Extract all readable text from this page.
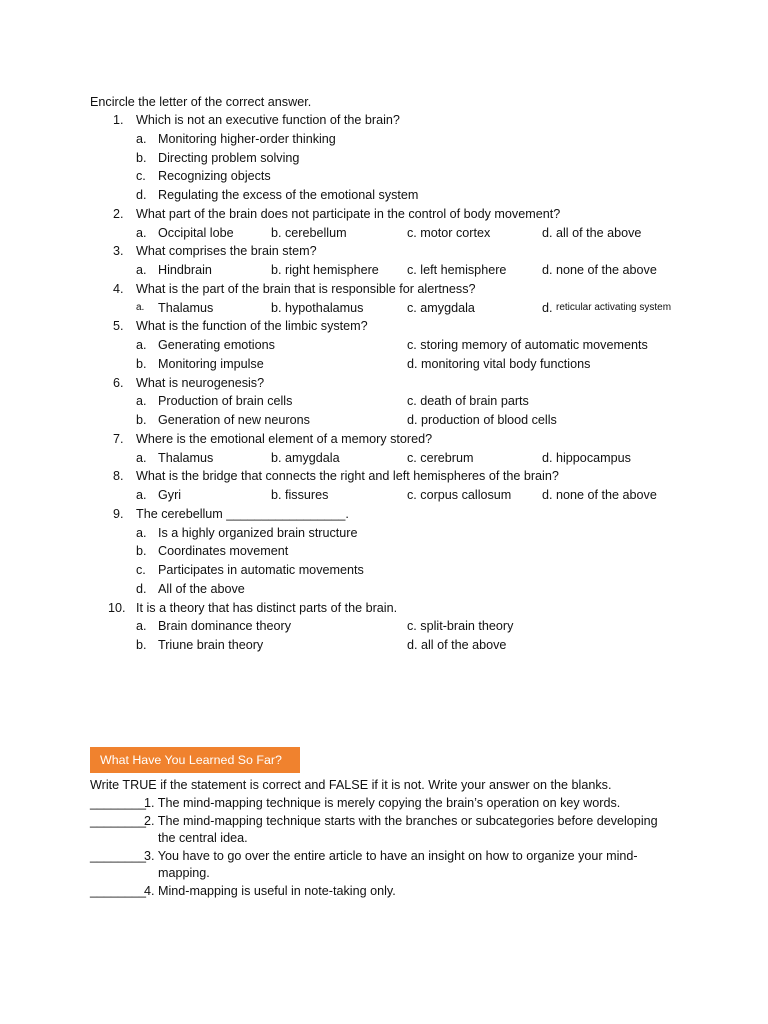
Encircle the letter of the correct answer.
1. Which is not an executive function of the brain?
a. Monitoring higher-order thinking
b. Directing problem solving
c. Recognizing objects
d. Regulating the excess of the emotional system
2. What part of the brain does not participate in the control of body movement?
a. Occipital lobe	b. cerebellum	c. motor cortex	d. all of the above
3. What comprises the brain stem?
a. Hindbrain	b. right hemisphere c. left hemisphere	d. none of the above
4. What is the part of the brain that is responsible for alertness?
a. Thalamus	b. hypothalamus	c. amygdala	d. reticular activating system
5. What is the function of the limbic system?
a. Generating emotions	c. storing memory of automatic movements
b. Monitoring impulse	d. monitoring vital body functions
6. What is neurogenesis?
a. Production of brain cells	c. death of brain parts
b. Generation of new neurons	d. production of blood cells
7. Where is the emotional element of a memory stored?
a. Thalamus	b. amygdala	c. cerebrum	d. hippocampus
8. What is the bridge that connects the right and left hemispheres of the brain?
a. Gyri	b. fissures	c. corpus callosum d. none of the above
9. The cerebellum _________________.
a. Is a highly organized brain structure
b. Coordinates movement
c. Participates in automatic movements
d. All of the above
10. It is a theory that has distinct parts of the brain.
a. Brain dominance theory	c. split-brain theory
b. Triune brain theory	d. all of the above
What Have You Learned So Far?
Write TRUE if the statement is correct and FALSE if it is not. Write your answer on the blanks.
________
1. The mind-mapping technique is merely copying the brain’s operation on key words.
________
2. The mind-mapping technique starts with the branches or subcategories before developing
the central idea.
________
3. You have to go over the entire article to have an insight on how to organize your mind-
mapping.
________
4. Mind-mapping is useful in note-taking only.
